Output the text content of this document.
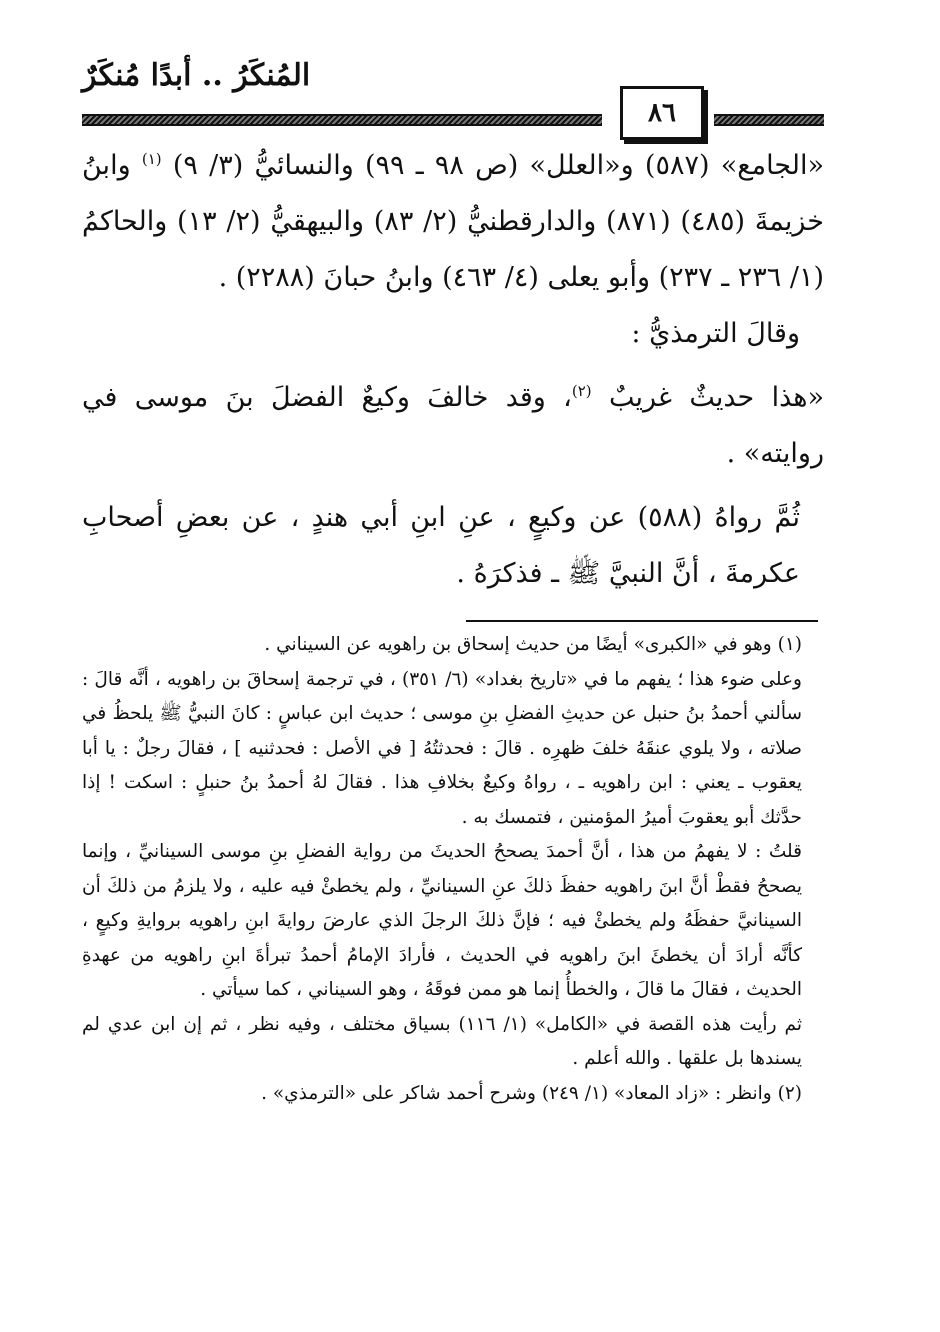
المُنكَرُ .. أبدًا مُنكَرٌ
٨٦

«الجامع» (٥٨٧) و«العلل» (ص ٩٨ ـ ٩٩) والنسائيُّ (٣/ ٩) $^{(١)}$ وابنُ خزيمةَ (٤٨٥) (٨٧١) والدارقطنيُّ (٢/ ٨٣) والبيهقيُّ (٢/ ١٣) والحاكمُ (١/ ٢٣٦ ـ ٢٣٧) وأبو يعلى (٤/ ٤٦٣) وابنُ حبانَ (٢٢٨٨) .

وقالَ الترمذيُّ :

«هذا حديثٌ غريبٌ $^{(٢)}$، وقد خالفَ وكيعٌ الفضلَ بنَ موسى في روايته» .

ثُمَّ رواهُ (٥٨٨) عن وكيعٍ ، عنِ ابنِ أبي هندٍ ، عن بعضِ أصحابِ عكرمةَ ، أنَّ النبيَّ ﷺ ـ فذكرَهُ .

(١) وهو في «الكبرى» أيضًا من حديث إسحاق بن راهويه عن السيناني .

وعلى ضوء هذا ؛ يفهم ما في «تاريخ بغداد» (٦/ ٣٥١) ، في ترجمة إسحاقَ بن راهويه ، أنَّه قالَ : سألني أحمدُ بنُ حنبل عن حديثِ الفضلِ بنِ موسى ؛ حديث ابن عباسٍ : كانَ النبيُّ ﷺ يلحظُ في صلاته ، ولا يلوي عنقَهُ خلفَ ظهرِه . قالَ : فحدثتُهُ [ في الأصل : فحدثنيه ] ، فقالَ رجلٌ : يا أبا يعقوب ـ يعني : ابن راهويه ـ ، رواهُ وكيعٌ بخلافِ هذا . فقالَ لهُ أحمدُ بنُ حنبلٍ : اسكت ! إذا حدَّثك أبو يعقوبَ أميرُ المؤمنين ، فتمسك به .

قلتُ : لا يفهمُ من هذا ، أنَّ أحمدَ يصححُ الحديثَ من رواية الفضلِ بنِ موسى السينانيِّ ، وإنما يصححُ فقطْ أنَّ ابنَ راهويه حفظَ ذلكَ عنِ السينانيِّ ، ولم يخطئْ فيه عليه ، ولا يلزمُ من ذلكَ أن السينانيَّ حفظَهُ ولم يخطئْ فيه ؛ فإنَّ ذلكَ الرجلَ الذي عارضَ روايةَ ابنِ راهويه بروايةِ وكيعٍ ، كأنَّه أرادَ أن يخطئَ ابنَ راهويه في الحديث ، فأرادَ الإمامُ أحمدُ تبرأةَ ابنِ راهويه من عهدةِ الحديث ، فقالَ ما قالَ ، والخطأُ إنما هو ممن فوقَهُ ، وهو السيناني ، كما سيأتي .

ثم رأيت هذه القصة في «الكامل» (١/ ١١٦) بسياق مختلف ، وفيه نظر ، ثم إن ابن عدي لم يسندها بل علقها . والله أعلم .

(٢) وانظر : «زاد المعاد» (١/ ٢٤٩) وشرح أحمد شاكر على «الترمذي» .
